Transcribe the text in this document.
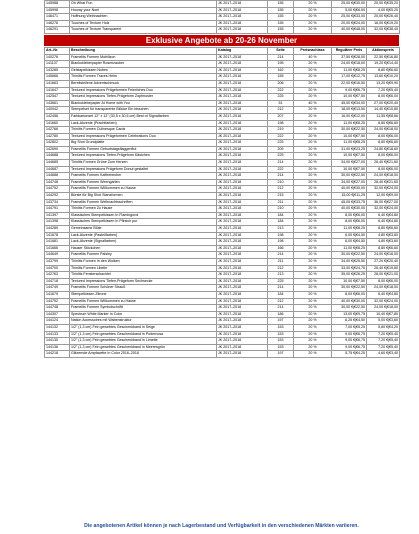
145988	Oh What Fun	JK 2017–2018	155	20 %	25,00 €|€30,00	20,00 €|€35,20
145998	Hooray your Noel	JK 2017–2018	155	20 %	5,00 €|€6,50	4,00 €|€5,20
146471	Hoffnung Weihnachten	JK 2017–2018	155	20 %	25,00 €|€33,00	20,00 €|€26,40
146278	Touches of Texture Holz	JK 2017–2018	155	20 %	20,00 €|€24,00	16,00 €|€19,20
146291	Touches of Texture Transparent	JK 2017–2018	155	20 %	40,00 €|€48,00	32,00 €|€38,40
Exklusive Angebote ab 20-26 November
Art.-Nr.	Beschreibung	Katalog	Seite	Preisnachlass	Regulärer Preis	Aktionspreis
140276	Framelits Formen Mobilizon	JK 2017–2018	214	40 %	37,50 €|€28,00	22,50 €|€16,80
141107	Blankokleberpapier Rosenzauber	JK 2017–2018	195	20 %	24,00 €|€18,00	19,20 €|€14,40
143285	Gelstapelkissen Nubes	JK 2017–2018	162	20 %	11,00 €|€8,25	8,80 €|€6,60
145666	Thinlits Formen Traces Helm	JK 2017–2018	155	20 %	17,00 €|€12,75	13,60 €|€10,20
141663	Bereitstellene Adventschmuck	JK 2017–2018	206	20 %	22,00 €|€16,50	13,20 €|€9,90
141647	Textured Impressions Prägeformen Feierliches Duo	JK 2017–2018	222	20 %	9,00 €|€6,75	7,20 €|€5,40
142547	Textured Impressions Tiefen-Prägeform Zopfmuster	JK 2017–2018	225	20 %	10,00 €|€7,50	8,00 €|€6,00
143661	Blankoklebepapier At Home with You	JK 2017–2018	51	40 %	45,00 €|€34,00	27,00 €|€20,40
140942	Stempelset für transparente Blöcke Ein bisschen	JK 2017–2018	212	20 %	18,00 €|€13,50	14,40 €|€10,80
142456	Farbkartonset 12" x 12" (30,5 x 30,5 cm) Best of Signalfarben	JK 2017–2018	207	20 %	16,00 €|€12,00	11,55 €|€8,66
141660	Lack-Akzente (Prachtfarben)	JK 2017–2018	198	20 %	11,00 €|€8,25	8,80 €|€6,60
142766	Thinlits Formen Culinesque Cards	JK 2017–2018	219	20 %	30,00 €|€22,50	24,00 €|€18,00
142780	Textured Impressions Prägeformen Celebrations Duo	JK 2017–2018	222	20 %	10,00 €|€7,50	8,00 €|€6,00
142802	Big Shot Grundplatte	JK 2017–2018	225	20 %	11,00 €|€8,25	8,80 €|€6,60
142690	Framelits Formen Geburtstagsflaggenflut	JK 2017–2018	209	20 %	31,00 €|€23,25	24,80 €|€18,60
144688	Textured Impressions Tiefen-Prägeform Kästchen	JK 2017–2018	225	20 %	10,00 €|€7,50	8,00 €|€6,00
144685	Thinlits Formen Grüne Zum Herzen	JK 2017–2018	214	20 %	34,00 €|€27,00	26,40 €|€21,60
144687	Textured Impressions Prägeform Donut gestaltet	JK 2017–2018	222	20 %	10,00 €|€7,50	8,00 €|€6,00
144688	Framelits Formen Kaffeebecher	JK 2017–2018	214	20 %	30,00 €|€22,50	24,00 €|€18,00
144748	Framelits Formen Weengarten	JK 2017–2018	210	20 %	34,00 €|€27,00	28,40 €|€21,60
144752	Framelits Formen Willkommen zu Hause	JK 2017–2018	212	20 %	40,00 €|€30,00	32,00 €|€24,00
144292	Bürste für Big Shot Stanzformen	JK 2017–2018	215	20 %	15,00 €|€11,25	12,00 €|€9,00
143734	Framelits Formen Weihnachtsschriften	JK 2017–2018	211	20 %	45,00 €|€33,75	36,00 €|€27,00
144791	Thinlits Formen Zu Hause	JK 2017–2018	210	20 %	40,00 €|€30,00	32,00 €|€24,00
141397	Klassisches Stempelkissen In Flamingorot	JK 2017–2018	184	20 %	8,00 €|€6,00	6,40 €|€4,80
141398	Klassisches Stempelkissen In Pfirsich pur	JK 2017–2018	184	20 %	8,00 €|€6,00	6,40 €|€4,80
144289	Gemeinsame Blüte	JK 2017–2018	213	20 %	11,00 €|€8,25	8,80 €|€6,60
141678	Lack-Akzente (Pastellfarben)	JK 2017–2018	198	20 %	6,00 €|€4,50	4,80 €|€3,60
141681	Lack-Akzente (Signalfarben)	JK 2017–2018	198	20 %	6,00 €|€4,50	4,80 €|€3,60
141666	Hauser Stöckchen	JK 2017–2018	166	20 %	11,00 €|€8,25	8,80 €|€6,60
144649	Framelits Formen Paisley	JK 2017–2018	214	20 %	30,00 €|€22,50	24,00 €|€18,00
143799	Thinlits Formen In den Wolken	JK 2017–2018	211	20 %	34,00 €|€25,50	27,20 €|€20,40
144700	Thinlits Formen Libelle	JK 2017–2018	212	20 %	33,00 €|€24,75	26,40 €|€19,80
142763	Thinlits Fensterschachtel	JK 2017–2018	213	20 %	35,00 €|€26,25	28,00 €|€21,00
144718	Textured Impressions Tiefen-Prägeform Sechsecke	JK 2017–2018	225	20 %	10,00 €|€7,50	8,00 €|€6,00
144749	Framelits Formen Schöner Strauß	JK 2017–2018	214	20 %	30,00 €|€22,50	24,00 €|€18,00
141679	Stempelkissen Zitrone	JK 2017–2018	184	20 %	8,00 €|€6,00	6,40 €|€4,80
144752	Framelits Formen Willkommen zu Hause	JK 2017–2018	212	20 %	40,00 €|€30,00	32,00 €|€24,00
144748	Framelits Formen Symbolschriftt	JK 2017–2018	214	20 %	30,00 €|€22,50	24,00 €|€18,00
144307	Spectrum White Marker In Color	JK 2017–2018	186	20 %	13,00 €|€9,75	10,40 €|€7,80
144124	Nation Accessoires mit Wabenstruktur	JK 2017–2018	197	20 %	6,25 €|€4,50	5,00 €|€3,60
144132	1/2" (1,3 cm) Feln gewebtes Geschenkband in Seige	JK 2017–2018	153	20 %	7,00 €|€5,25	5,60 €|€4,20
144133	1/2" (1,3 cm) Feln gewebtes Geschenkband in Pudernosa	JK 2017–2018	153	20 %	9,00 €|€6,75	7,20 €|€5,40
144135	1/2" (1,3 cm) Feln gewebtes Geschenkband in Limette	JK 2017–2018	153	20 %	9,00 €|€6,75	7,20 €|€5,40
144136	1/2" (1,3 cm) Feln gewebtes Geschenkband in Meeresgrün	JK 2017–2018	153	20 %	9,00 €|€6,75	7,20 €|€5,40
144218	Glitzernde Ampfacette In Color 2016–2018	JK 2017–2018	197	20 %	5,75 €|€4,25	4,60 €|€3,40
Die angebotenen Artikel können je nach Lagerbestand und Verfügbarkeit in den verschiedenen Märkten variieren.
